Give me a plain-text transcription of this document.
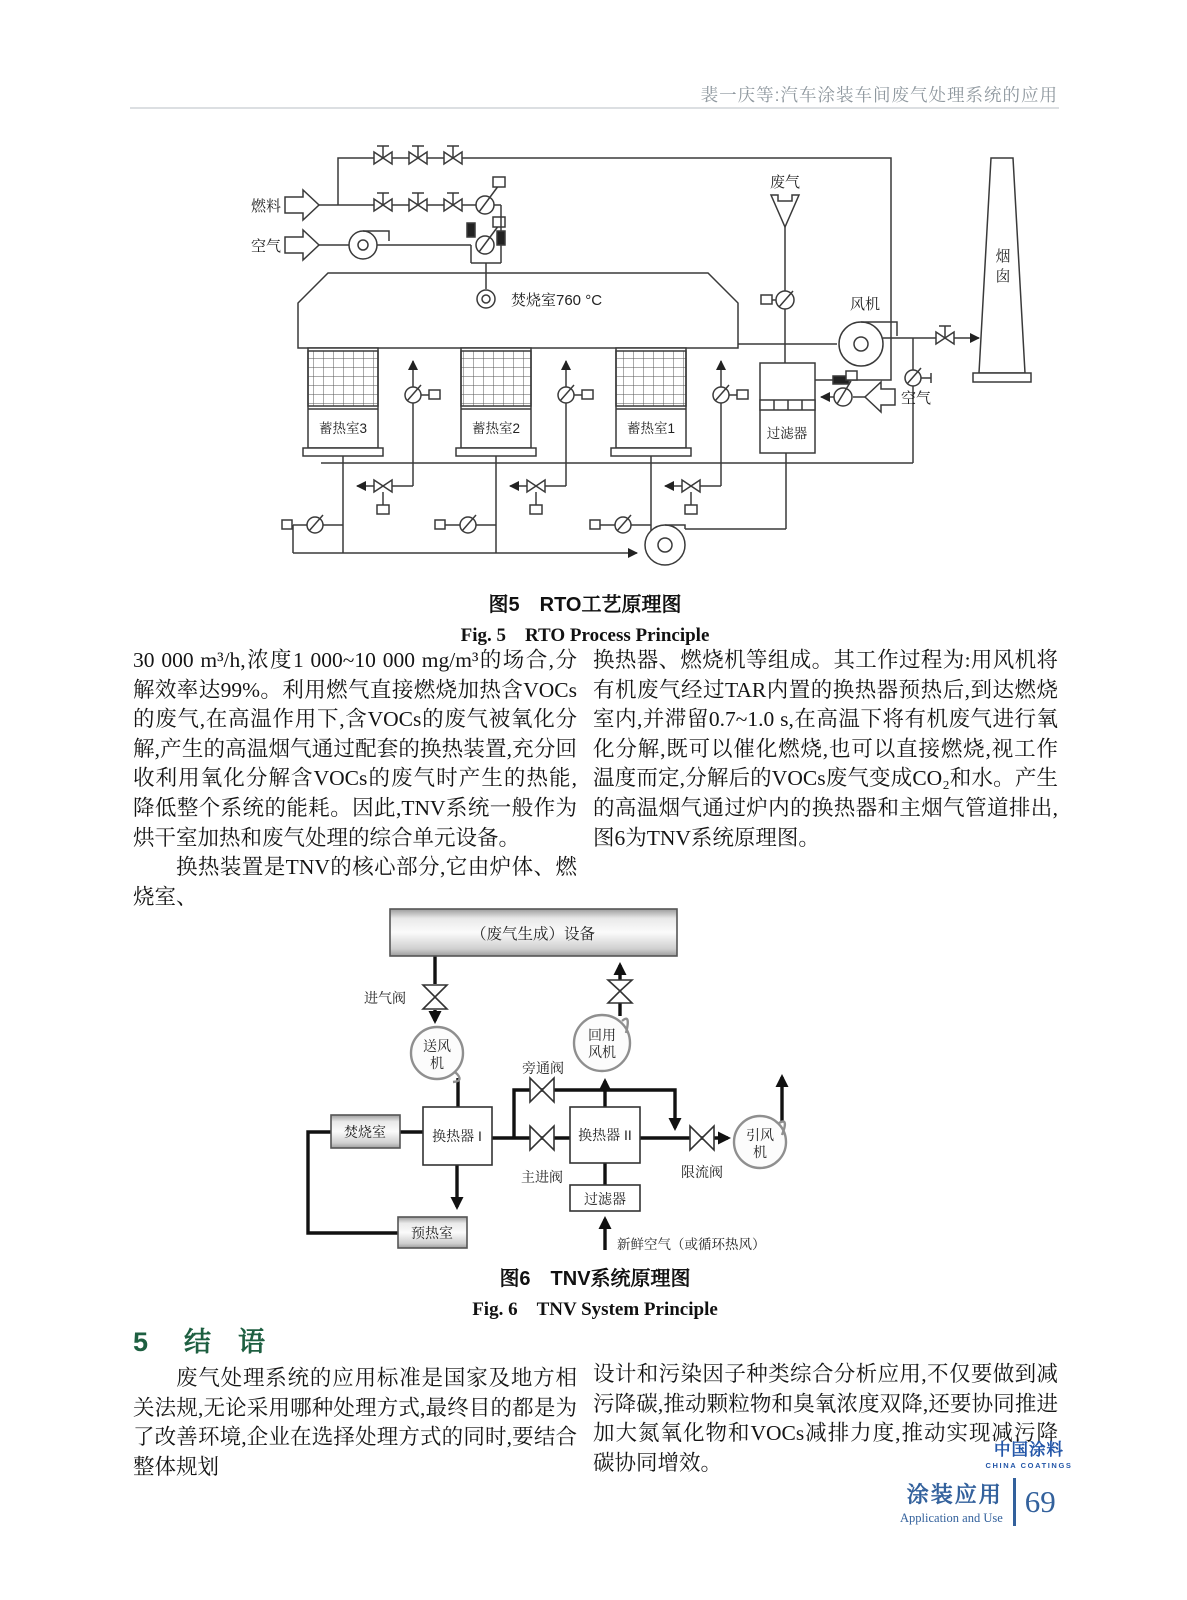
裴一庆等:汽车涂装车间废气处理系统的应用
燃料
空气
焚烧室760 °C
蓄热室3	蓄热室2	蓄热室1
废气
风机
空气
过滤器
烟
囱
图5　RTO工艺原理图
Fig. 5　RTO Process Principle

30 000 m³/h,浓度1 000~10 000 mg/m³的场合,分解效率达99%。利用燃气直接燃烧加热含VOCs的废气,在高温作用下,含VOCs的废气被氧化分解,产生的高温烟气通过配套的换热装置,充分回收利用氧化分解含VOCs的废气时产生的热能,降低整个系统的能耗。因此,TNV系统一般作为烘干室加热和废气处理的综合单元设备。

换热装置是TNV的核心部分,它由炉体、燃烧室、

换热器、燃烧机等组成。其工作过程为:用风机将有机废气经过TAR内置的换热器预热后,到达燃烧室内,并滞留0.7~1.0 s,在高温下将有机废气进行氧化分解,既可以催化燃烧,也可以直接燃烧,视工作温度而定,分解后的VOCs废气变成CO₂和水。产生的高温烟气通过炉内的换热器和主烟气管道排出,图6为TNV系统原理图。

（废气生成）设备
进气阀
送风
机
回用
风机
旁通阀
焚烧室	换热器 I	换热器 II
主进阀	限流阀
引风
机
过滤器
预热室
新鲜空气（或循环热风）
图6　TNV系统原理图
Fig. 6　TNV System Principle
5 结　语

废气处理系统的应用标准是国家及地方相关法规,无论采用哪种处理方式,最终目的都是为了改善环境,企业在选择处理方式的同时,要结合整体规划

设计和污染因子种类综合分析应用,不仅要做到减污降碳,推动颗粒物和臭氧浓度双降,还要协同推进加大氮氧化物和VOCs减排力度,推动实现减污降碳协同增效。

中国涂料
CHINA COATINGS
涂装应用
Application and Use 69
